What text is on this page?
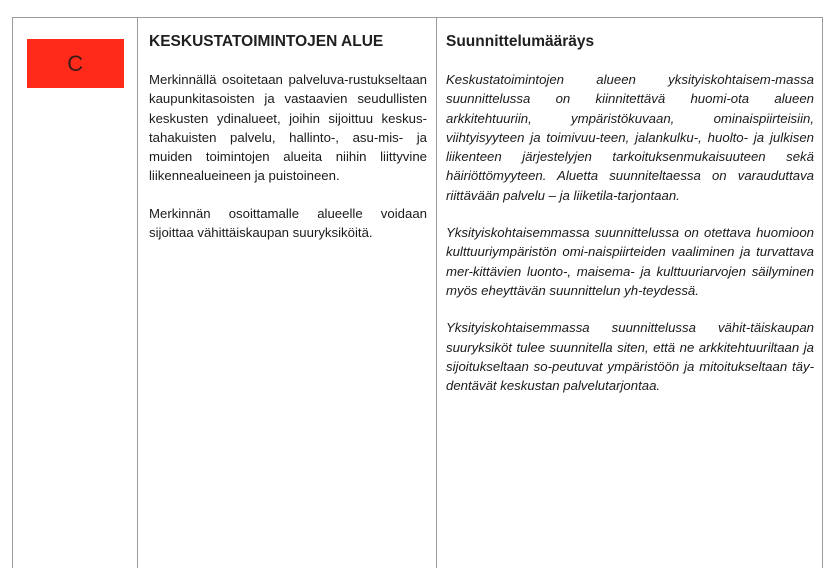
C
KESKUSTATOIMINTOJEN ALUE

Merkinnällä osoitetaan palveluva-rustukseltaan kaupunkitasoisten ja vastaavien seudullisten keskusten ydinalueet, joihin sijoittuu keskus-tahakuisten palvelu, hallinto-, asu-mis- ja muiden toimintojen alueita niihin liittyvine liikennealueineen ja puistoineen.

Merkinnän osoittamalle alueelle voidaan sijoittaa vähittäiskaupan suuryksiköitä.

Suunnittelumääräys

Keskustatoimintojen alueen yksityiskohtaisem-massa suunnittelussa on kiinnitettävä huomi-ota alueen arkkitehtuuriin, ympäristökuvaan, ominaispiirteisiin, viihtyisyyteen ja toimivuu-teen, jalankulku-, huolto- ja julkisen liikenteen järjestelyjen tarkoituksenmukaisuuteen sekä häiriöttömyyteen. Aluetta suunniteltaessa on varauduttava riittävään palvelu – ja liiketila-tarjontaan.

Yksityiskohtaisemmassa suunnittelussa on otettava huomioon kulttuuriympäristön omi-naispiirteiden vaaliminen ja turvattava mer-kittävien luonto-, maisema- ja kulttuuriarvojen säilyminen myös eheyttävän suunnittelun yh-teydessä.

Yksityiskohtaisemmassa suunnittelussa vähit-täiskaupan suuryksiköt tulee suunnitella siten, että ne arkkitehtuuriltaan ja sijoitukseltaan so-peutuvat ympäristöön ja mitoitukseltaan täy-dentävät keskustan palvelutarjontaa.
